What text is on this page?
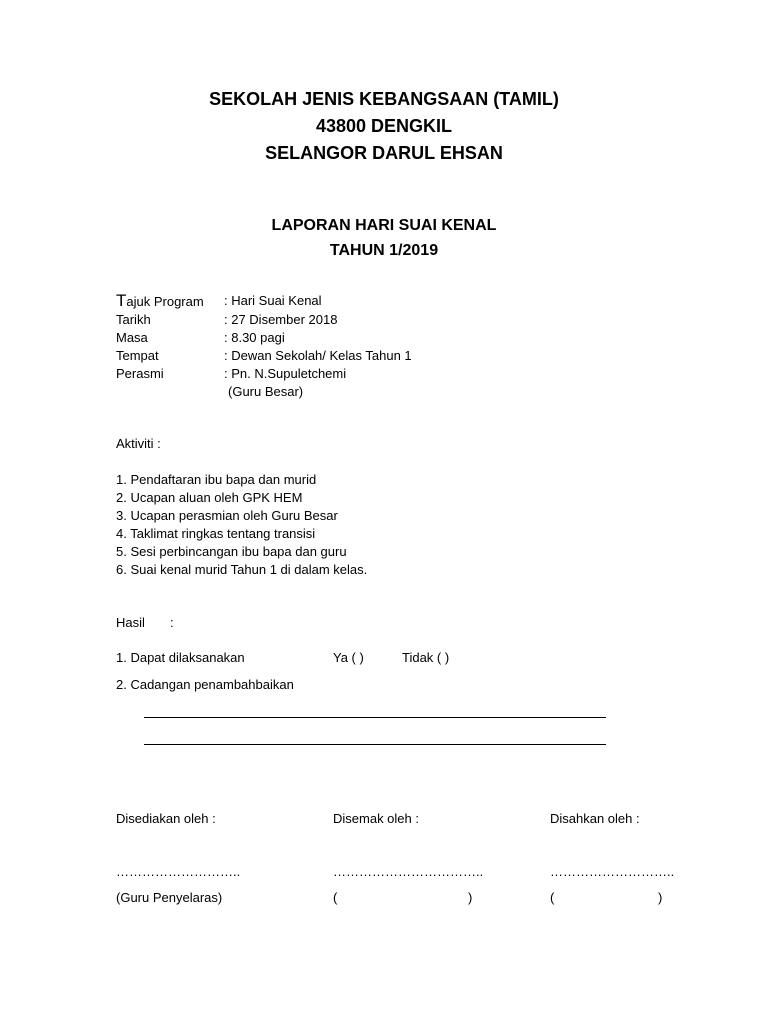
SEKOLAH JENIS KEBANGSAAN (TAMIL)
43800 DENGKIL
SELANGOR DARUL EHSAN
LAPORAN HARI SUAI KENAL
TAHUN 1/2019
Tajuk Program : Hari Suai Kenal
Tarikh	: 27 Disember 2018
Masa	: 8.30 pagi
Tempat	: Dewan Sekolah/ Kelas Tahun 1
Perasmi	: Pn. N.Supuletchemi
(Guru Besar)
Aktiviti :
1. Pendaftaran ibu bapa dan murid
2. Ucapan aluan oleh GPK HEM
3. Ucapan perasmian oleh Guru Besar
4. Taklimat ringkas tentang transisi
5. Sesi perbincangan ibu bapa dan guru
6. Suai kenal murid Tahun 1 di dalam kelas.
Hasil :
1. Dapat dilaksanakan	Ya ( )	Tidak ( )
2. Cadangan penambahbaikan
Disediakan oleh :	Disemak oleh :	Disahkan oleh :
………………………..	……………………………..	………………………..
(Guru Penyelaras)	(	)	(	)
